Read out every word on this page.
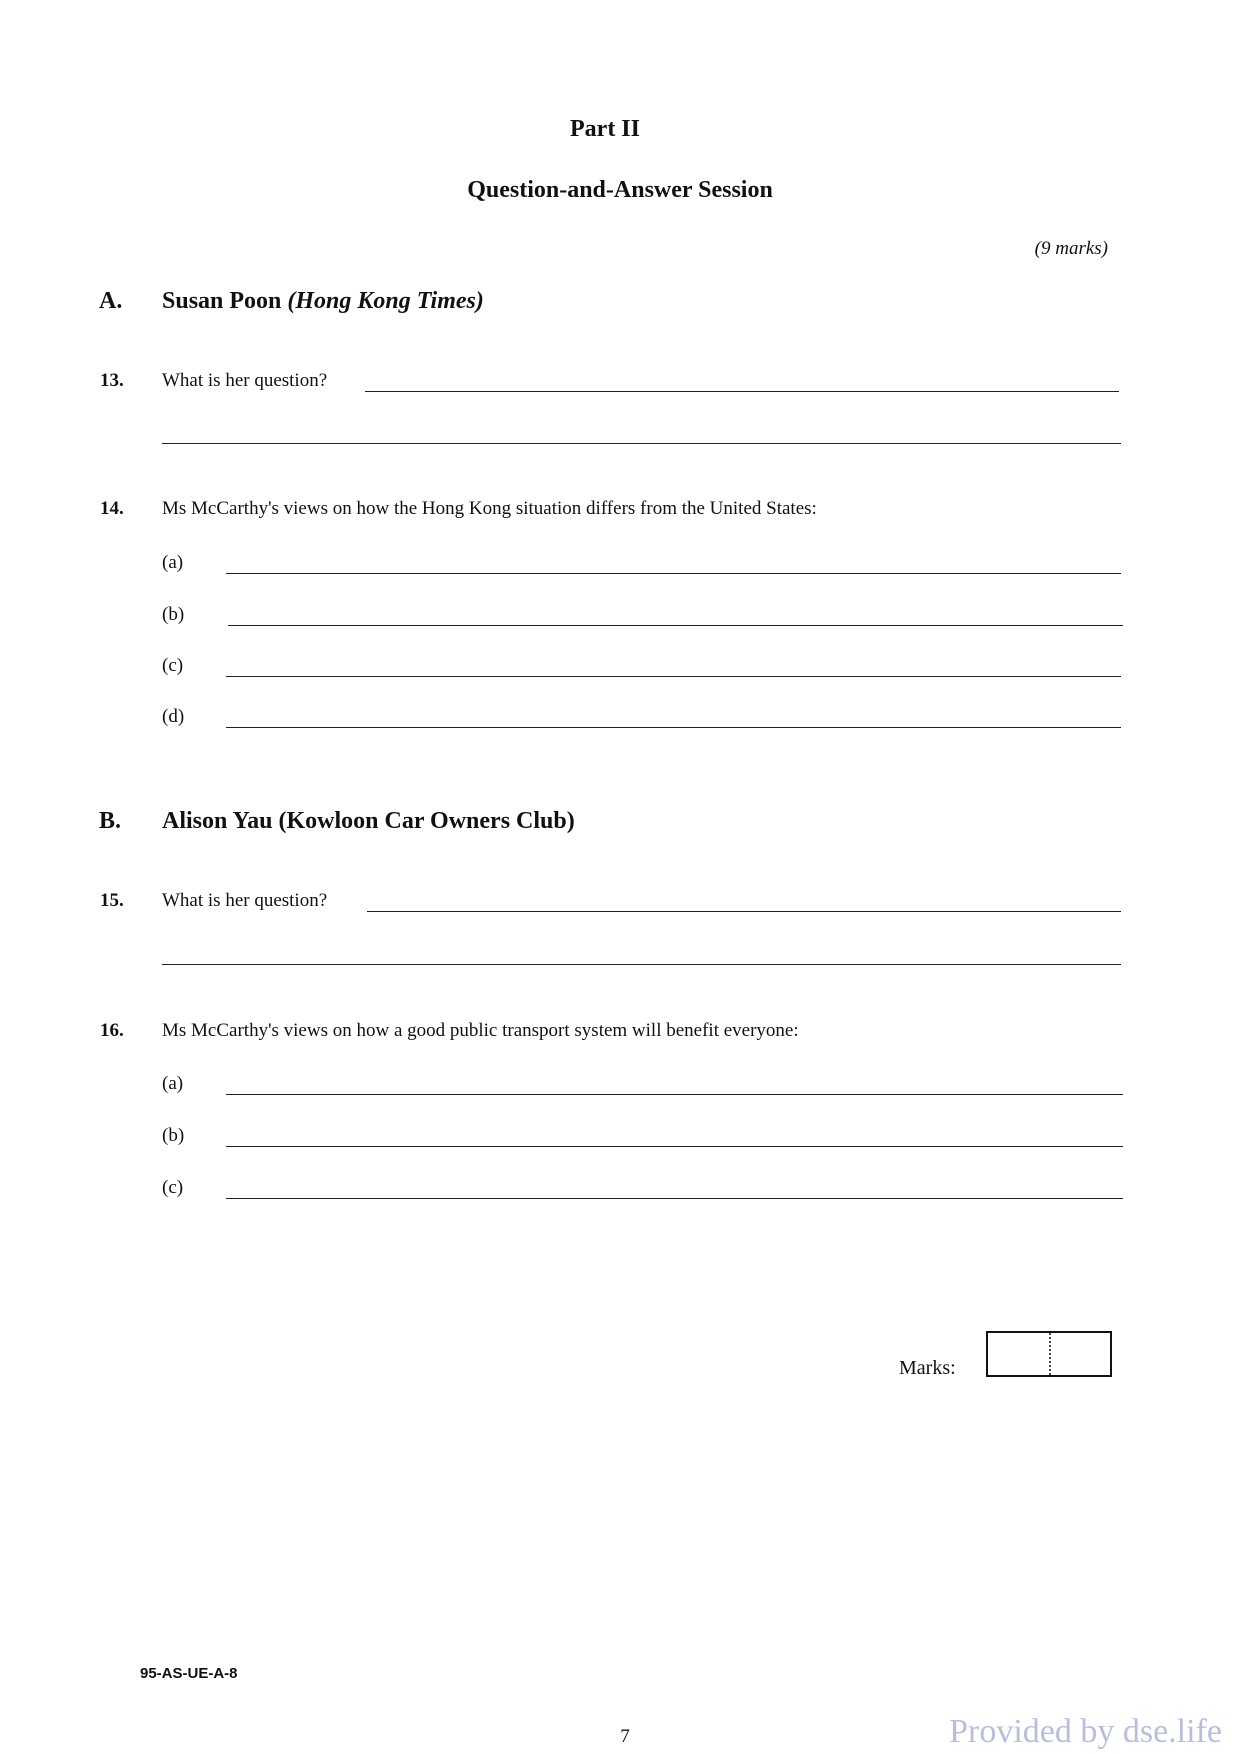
Part II
Question-and-Answer Session
(9 marks)
A. Susan Poon (Hong Kong Times)
13. What is her question?
14. Ms McCarthy's views on how the Hong Kong situation differs from the United States:
(a)
(b)
(c)
(d)
B. Alison Yau (Kowloon Car Owners Club)
15. What is her question?
16. Ms McCarthy's views on how a good public transport system will benefit everyone:
(a)
(b)
(c)
Marks:
95-AS-UE-A-8
7	Provided by dse.life
